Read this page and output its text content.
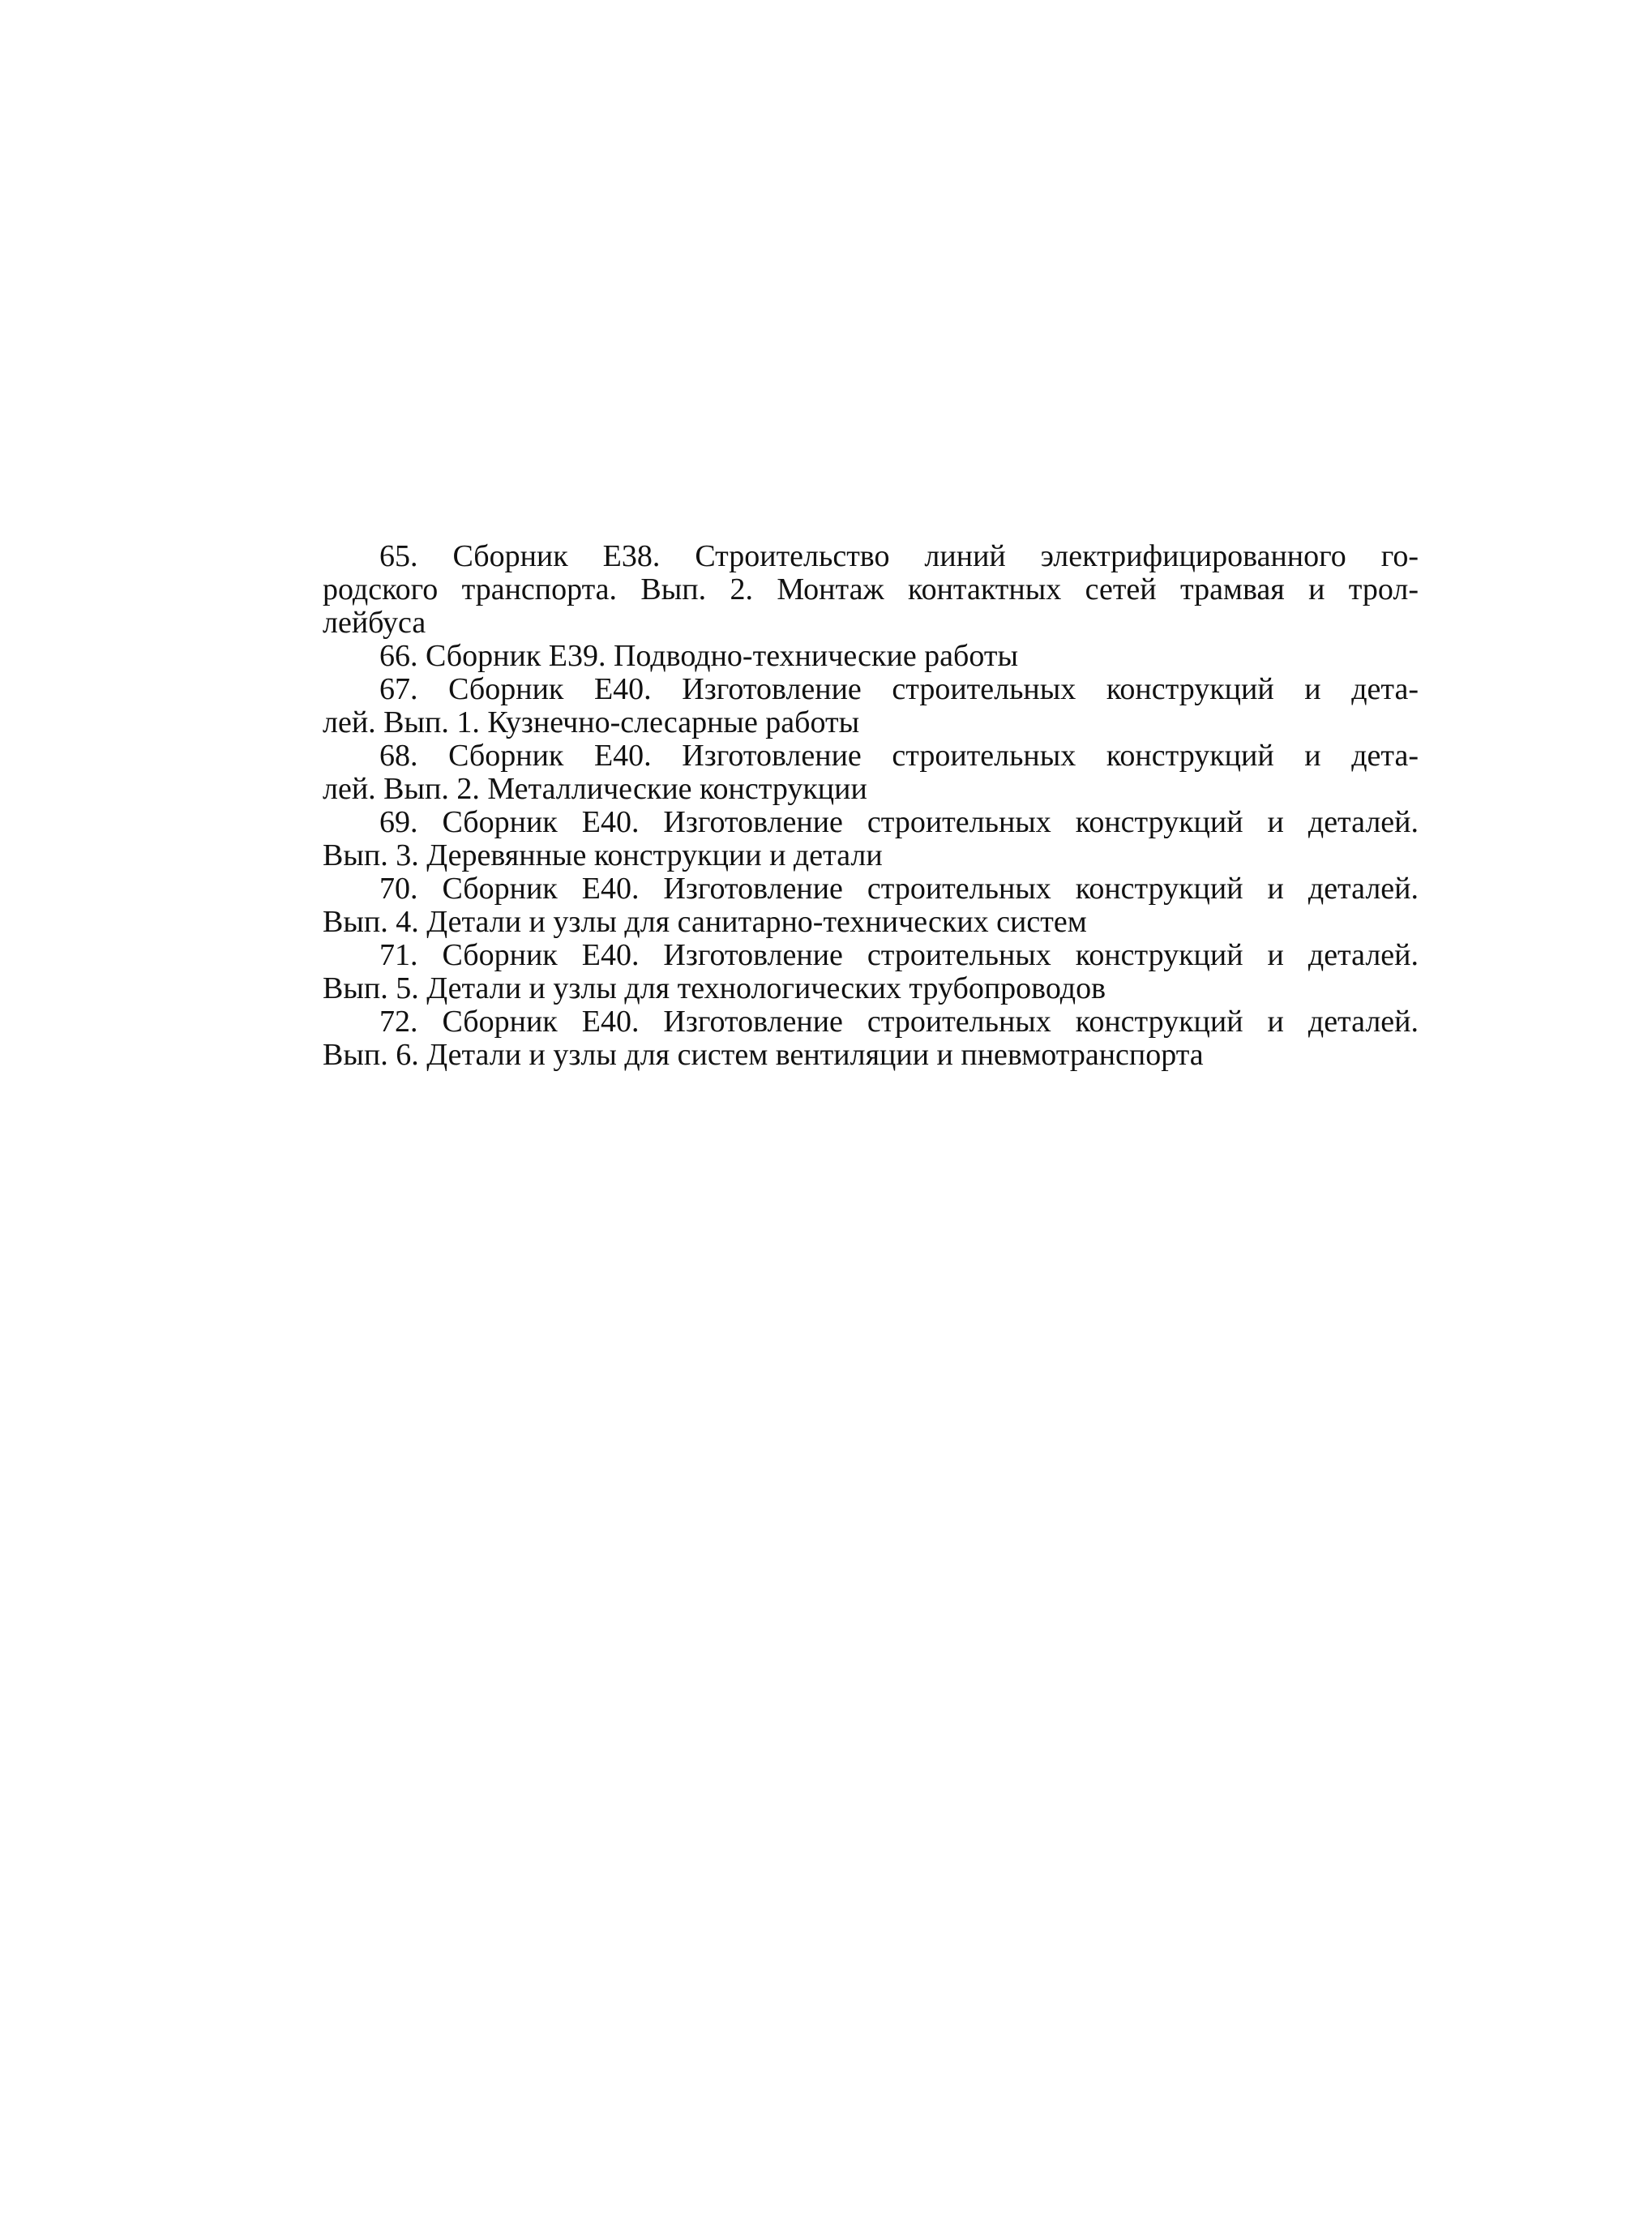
65. Сборник Е38. Строительство линий электрифицированного го-
родского транспорта. Вып. 2. Монтаж контактных сетей трамвая и трол-
лейбуса
66. Сборник Е39. Подводно-технические работы
67. Сборник Е40. Изготовление строительных конструкций и дета-
лей. Вып. 1. Кузнечно-слесарные работы
68. Сборник Е40. Изготовление строительных конструкций и дета-
лей. Вып. 2. Металлические конструкции
69. Сборник Е40. Изготовление строительных конструкций и деталей.
Вып. 3. Деревянные конструкции и детали
70. Сборник Е40. Изготовление строительных конструкций и деталей.
Вып. 4. Детали и узлы для санитарно-технических систем
71. Сборник Е40. Изготовление строительных конструкций и деталей.
Вып. 5. Детали и узлы для технологических трубопроводов
72. Сборник Е40. Изготовление строительных конструкций и деталей.
Вып. 6. Детали и узлы для систем вентиляции и пневмотранспорта
